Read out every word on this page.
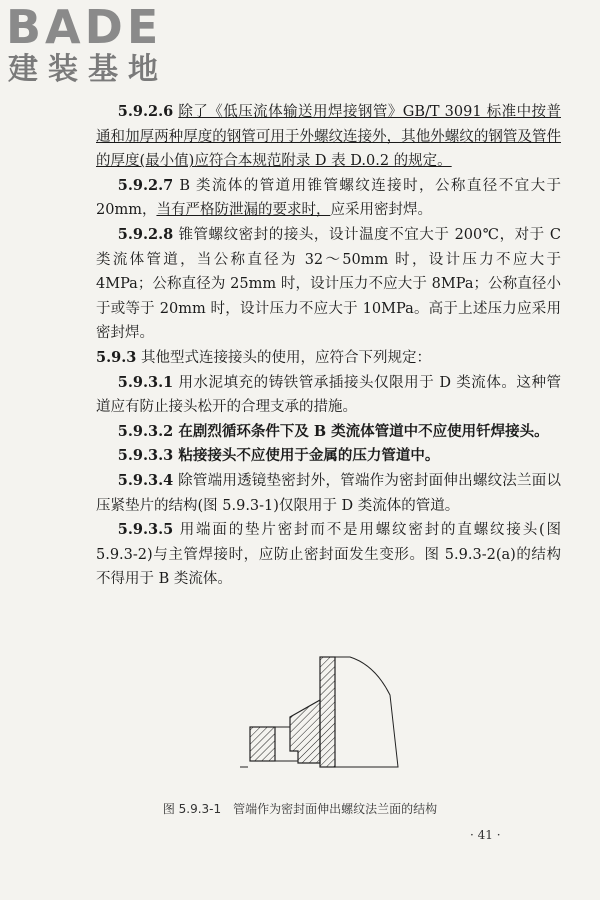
BADE
建装基地

5.9.2.6 除了《低压流体输送用焊接钢管》GB/T 3091 标准中按普通和加厚两种厚度的钢管可用于外螺纹连接外，其他外螺纹的钢管及管件的厚度(最小值)应符合本规范附录 D 表 D.0.2 的规定。

5.9.2.7 B 类流体的管道用锥管螺纹连接时，公称直径不宜大于 20mm，当有严格防泄漏的要求时，应采用密封焊。

5.9.2.8 锥管螺纹密封的接头，设计温度不宜大于 200℃，对于 C 类流体管道，当公称直径为 32～50mm 时，设计压力不应大于 4MPa；公称直径为 25mm 时，设计压力不应大于 8MPa；公称直径小于或等于 20mm 时，设计压力不应大于 10MPa。高于上述压力应采用密封焊。

5.9.3 其他型式连接接头的使用，应符合下列规定：

5.9.3.1 用水泥填充的铸铁管承插接头仅限用于 D 类流体。这种管道应有防止接头松开的合理支承的措施。

5.9.3.2 在剧烈循环条件下及 B 类流体管道中不应使用钎焊接头。

5.9.3.3 粘接接头不应使用于金属的压力管道中。

5.9.3.4 除管端用透镜垫密封外，管端作为密封面伸出螺纹法兰面以压紧垫片的结构(图 5.9.3-1)仅限用于 D 类流体的管道。

5.9.3.5 用端面的垫片密封而不是用螺纹密封的直螺纹接头(图 5.9.3-2)与主管焊接时，应防止密封面发生变形。图 5.9.3-2(a)的结构不得用于 B 类流体。

图 5.9.3-1　管端作为密封面伸出螺纹法兰面的结构
· 41 ·
